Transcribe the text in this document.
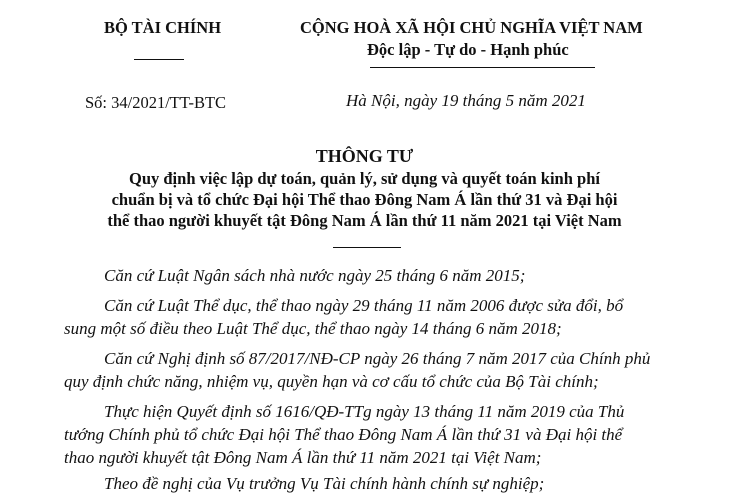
BỘ TÀI CHÍNH	CỘNG HOÀ XÃ HỘI CHỦ NGHĨA VIỆT NAM
Độc lập - Tự do - Hạnh phúc
Số: 34/2021/TT-BTC	Hà Nội, ngày 19 tháng 5 năm 2021
THÔNG TƯ
Quy định việc lập dự toán, quản lý, sử dụng và quyết toán kinh phí
chuẩn bị và tổ chức Đại hội Thể thao Đông Nam Á lần thứ 31 và Đại hội
thể thao người khuyết tật Đông Nam Á lần thứ 11 năm 2021 tại Việt Nam
Căn cứ Luật Ngân sách nhà nước ngày 25 tháng 6 năm 2015;
Căn cứ Luật Thể dục, thể thao ngày 29 tháng 11 năm 2006 được sửa đổi, bổ
sung một số điều theo Luật Thể dục, thể thao ngày 14 tháng 6 năm 2018;
Căn cứ Nghị định số 87/2017/NĐ-CP ngày 26 tháng 7 năm 2017 của Chính phủ
quy định chức năng, nhiệm vụ, quyền hạn và cơ cấu tổ chức của Bộ Tài chính;
Thực hiện Quyết định số 1616/QĐ-TTg ngày 13 tháng 11 năm 2019 của Thủ
tướng Chính phủ tổ chức Đại hội Thể thao Đông Nam Á lần thứ 31 và Đại hội thể
thao người khuyết tật Đông Nam Á lần thứ 11 năm 2021 tại Việt Nam;
Theo đề nghị của Vụ trưởng Vụ Tài chính hành chính sự nghiệp;
